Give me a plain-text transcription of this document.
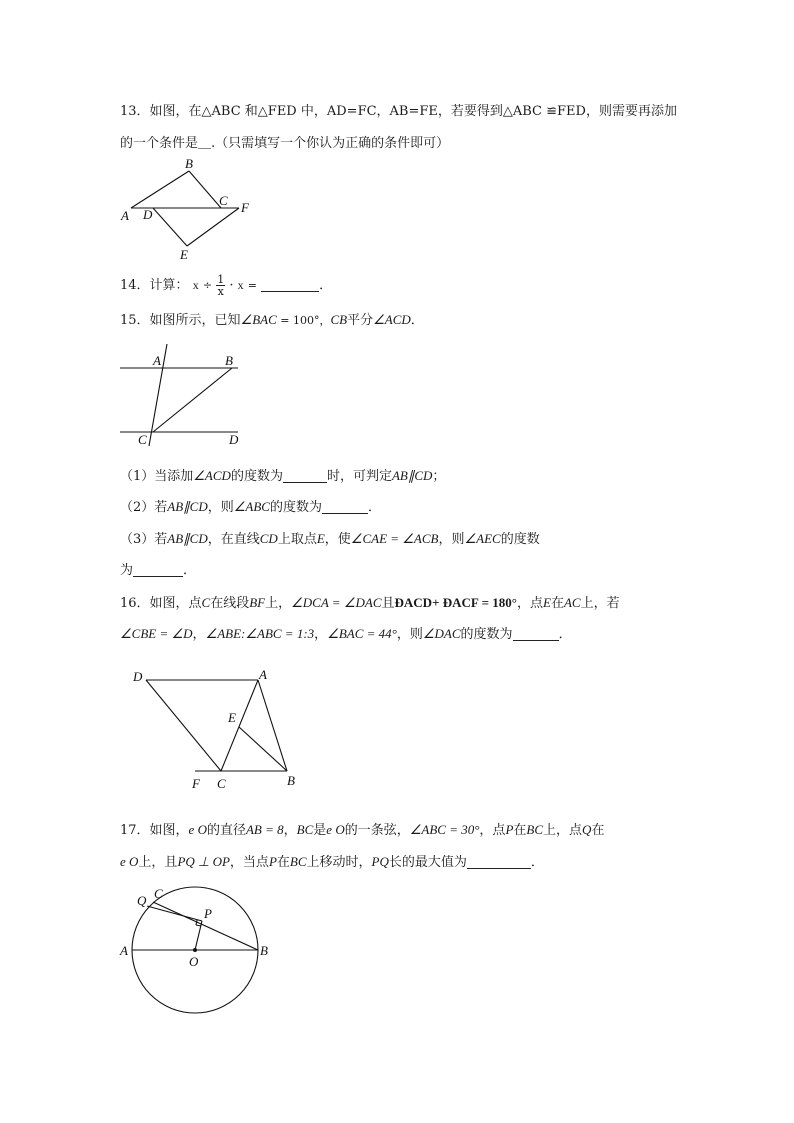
13．如图，在△ABC 和△FED 中，AD=FC，AB=FE，若要得到△ABC ≌FED，则需要再添加
的一个条件是＿.（只需填写一个你认为正确的条件即可）
B
A D
C F
E
14．计算： $x \div \frac{1}{x} \cdot x$ =	．
15．如图所示，已知∠BAC = 100°，CB平分∠ACD．
A	B
C	D
（1）当添加∠ACD的度数为	时，可判定AB∥CD；
（2）若AB∥CD，则∠ABC的度数为	．
（3）若AB∥CD，在直线CD上取点E，使∠CAE = ∠ACB，则∠AEC的度数
为	．
16．如图，点C在线段BF上，∠DCA = ∠DAC且ÐACD+ ÐACF = 180°，点E在AC上，若
∠CBE = ∠D，∠ABE:∠ABC = 1:3，∠BAC = 44°，则∠DAC的度数为	．
D	A
E
F C	B
17．如图，e O的直径AB = 8，BC是e O的一条弦，∠ABC = 30°，点P在BC上，点Q在
e O上，且PQ ⊥ OP，当点P在BC上移动时，PQ长的最大值为	．
C
Q
P
A	B
O
